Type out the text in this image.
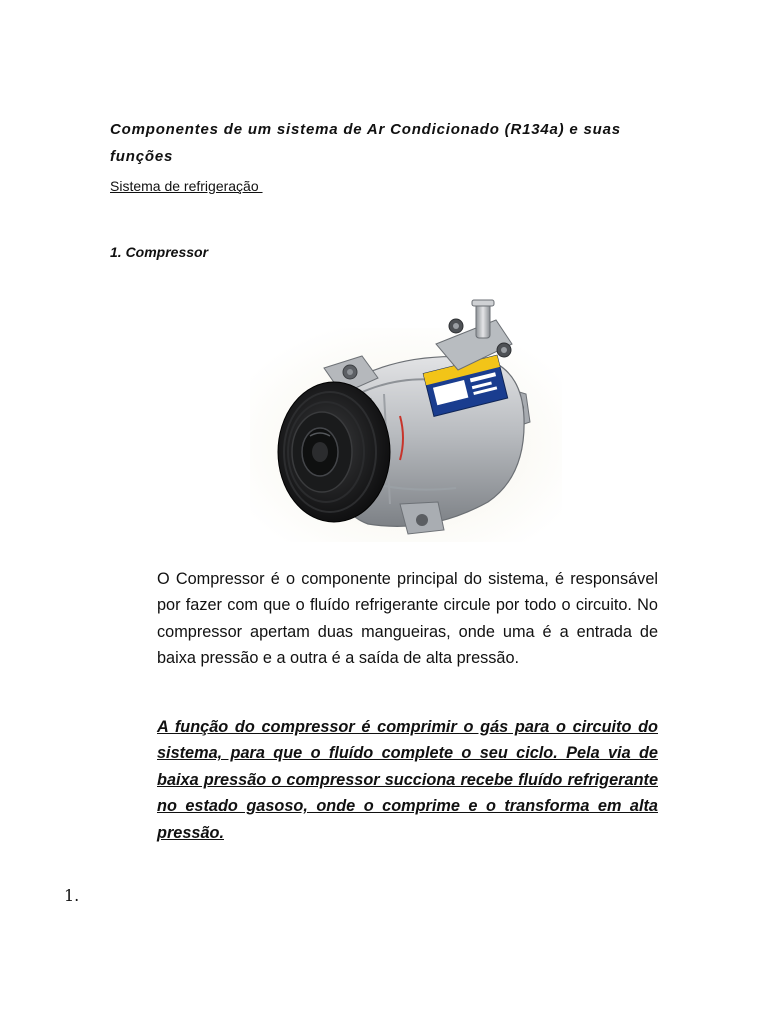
Componentes de um sistema de Ar Condicionado (R134a) e suas funções

Sistema de refrigeração

1. Compressor

O Compressor é o componente principal do sistema, é responsável por fazer com que o fluído refrigerante circule por todo o circuito. No compressor apertam duas mangueiras, onde uma é a entrada de baixa pressão e a outra é a saída de alta pressão.

A função do compressor é comprimir o gás para o circuito do sistema, para que o fluído complete o seu ciclo. Pela via de baixa pressão o compressor succiona recebe fluído refrigerante no estado gasoso, onde o comprime e o transforma em alta pressão.

1.
